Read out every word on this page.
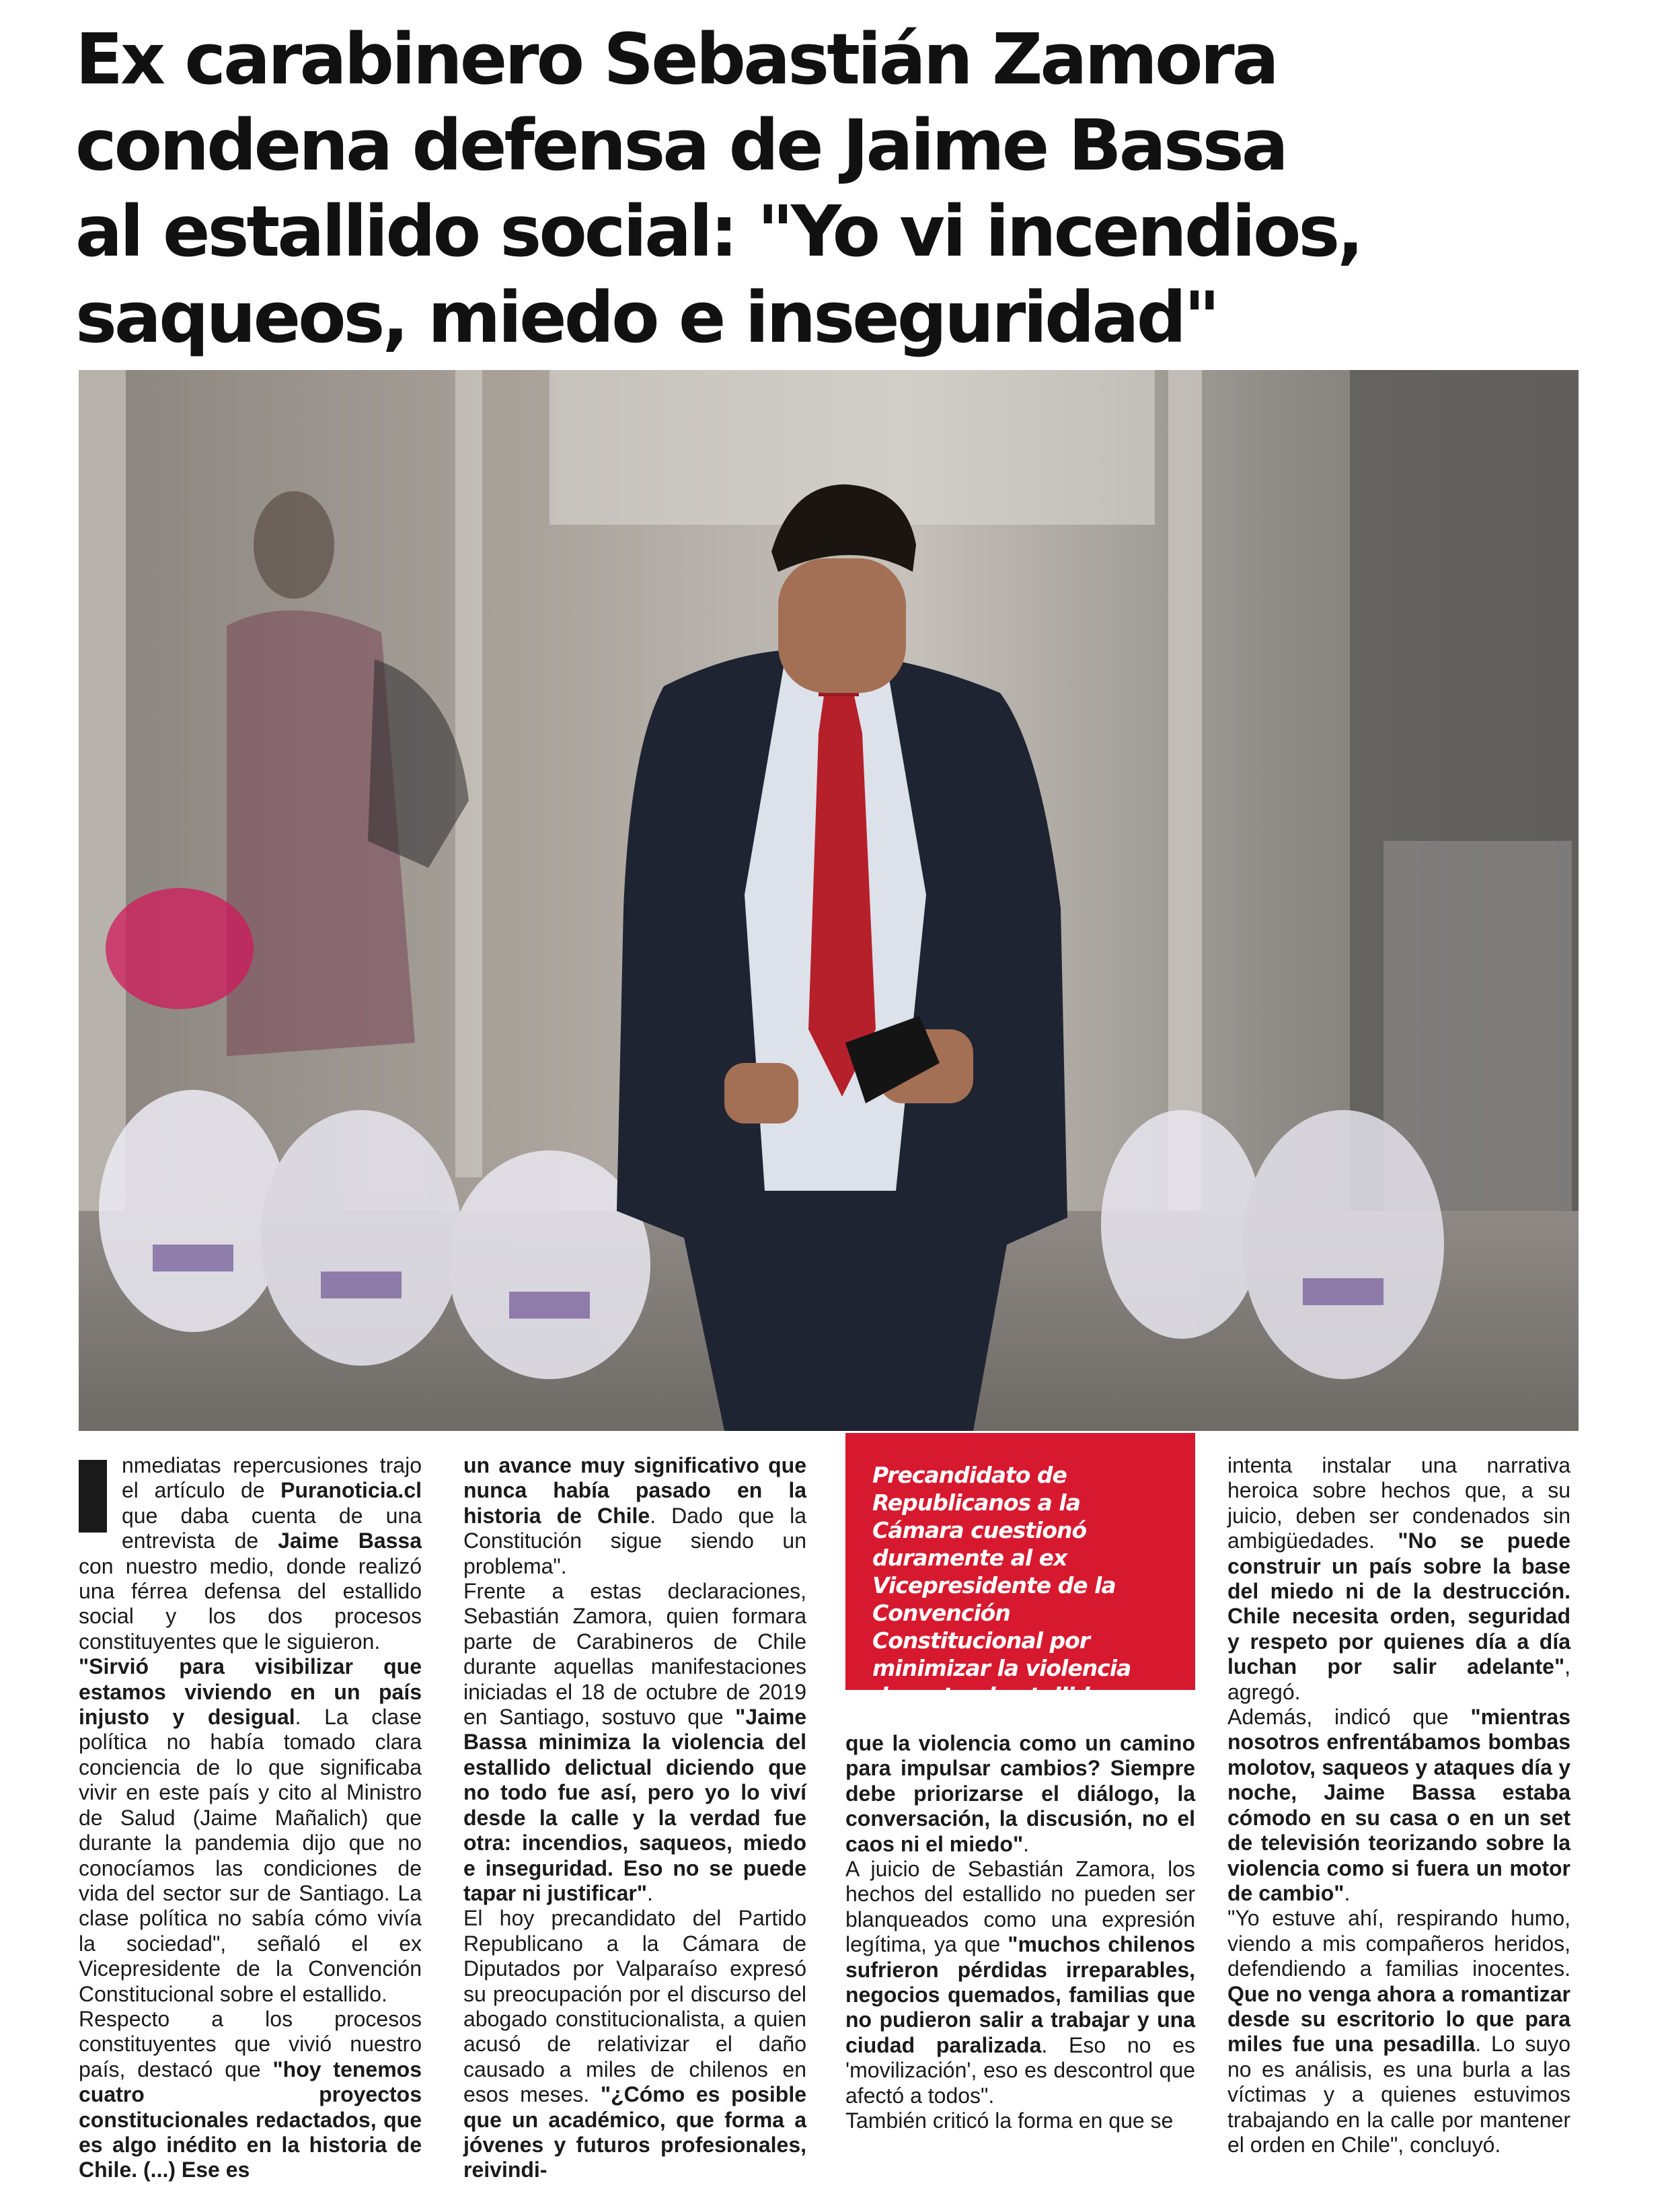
Ex carabinero Sebastián Zamora
condena defensa de Jaime Bassa
al estallido social: "Yo vi incendios,
saqueos, miedo e inseguridad"

nmediatas repercusiones trajo el artículo de Puranoticia.cl que daba cuenta de una entrevista de Jaime Bassa con nuestro medio, donde realizó una férrea defensa del estallido social y los dos procesos constituyentes que le siguieron.

"Sirvió para visibilizar que estamos viviendo en un país injusto y desigual. La clase política no había tomado clara conciencia de lo que significaba vivir en este país y cito al Ministro de Salud (Jaime Mañalich) que durante la pandemia dijo que no conocíamos las condiciones de vida del sector sur de Santiago. La clase política no sabía cómo vivía la sociedad", señaló el ex Vicepresidente de la Convención Constitucional sobre el estallido.

Respecto a los procesos constituyentes que vivió nuestro país, destacó que "hoy tenemos cuatro proyectos constitucionales redactados, que es algo inédito en la historia de Chile. (...) Ese es

un avance muy significativo que nunca había pasado en la historia de Chile. Dado que la Constitución sigue siendo un problema".

Frente a estas declaraciones, Sebastián Zamora, quien formara parte de Carabineros de Chile durante aquellas manifestaciones iniciadas el 18 de octubre de 2019 en Santiago, sostuvo que "Jaime Bassa minimiza la violencia del estallido delictual diciendo que no todo fue así, pero yo lo viví desde la calle y la verdad fue otra: incendios, saqueos, miedo e inseguridad. Eso no se puede tapar ni justificar".

El hoy precandidato del Partido Republicano a la Cámara de Diputados por Valparaíso expresó su preocupación por el discurso del abogado constitucionalista, a quien acusó de relativizar el daño causado a miles de chilenos en esos meses. "¿Cómo es posible que un académico, que forma a jóvenes y futuros profesionales, reivindi-

Precandidato de Republicanos a la Cámara cuestionó duramente al ex Vicepresidente de la Convención Constitucional por minimizar la violencia durante el estallido social.

que la violencia como un camino para impulsar cambios? Siempre debe priorizarse el diálogo, la conversación, la discusión, no el caos ni el miedo".

A juicio de Sebastián Zamora, los hechos del estallido no pueden ser blanqueados como una expresión legítima, ya que "muchos chilenos sufrieron pérdidas irreparables, negocios quemados, familias que no pudieron salir a trabajar y una ciudad paralizada. Eso no es 'movilización', eso es descontrol que afectó a todos".

También criticó la forma en que se

intenta instalar una narrativa heroica sobre hechos que, a su juicio, deben ser condenados sin ambigüedades. "No se puede construir un país sobre la base del miedo ni de la destrucción. Chile necesita orden, seguridad y respeto por quienes día a día luchan por salir adelante", agregó.

Además, indicó que "mientras nosotros enfrentábamos bombas molotov, saqueos y ataques día y noche, Jaime Bassa estaba cómodo en su casa o en un set de televisión teorizando sobre la violencia como si fuera un motor de cambio".

"Yo estuve ahí, respirando humo, viendo a mis compañeros heridos, defendiendo a familias inocentes. Que no venga ahora a romantizar desde su escritorio lo que para miles fue una pesadilla. Lo suyo no es análisis, es una burla a las víctimas y a quienes estuvimos trabajando en la calle por mantener el orden en Chile", concluyó.
